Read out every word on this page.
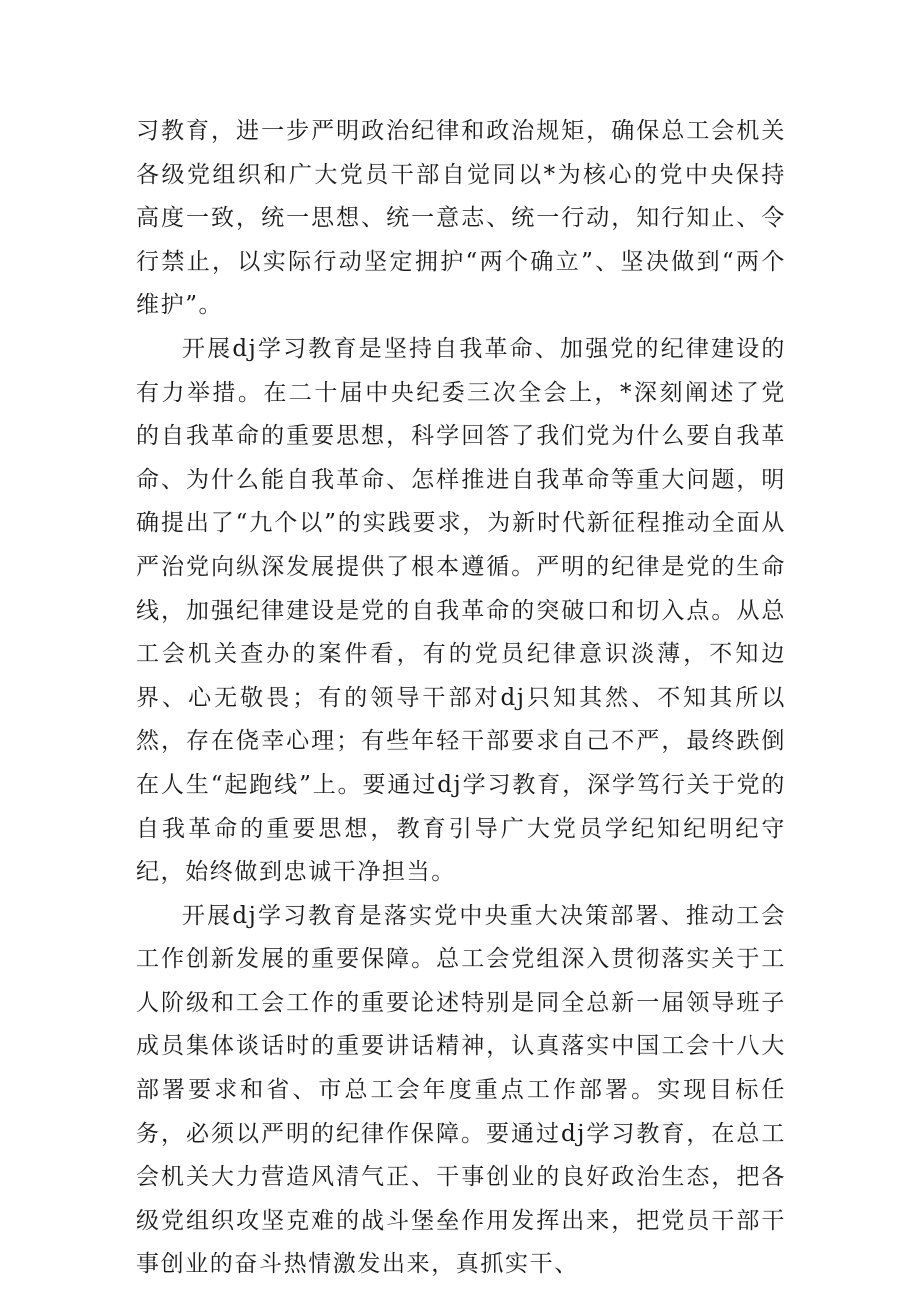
习教育，进一步严明政治纪律和政治规矩，确保总工会机关各级党组织和广大党员干部自觉同以*为核心的党中央保持高度一致，统一思想、统一意志、统一行动，知行知止、令行禁止，以实际行动坚定拥护“两个确立”、坚决做到“两个维护”。

开展dj学习教育是坚持自我革命、加强党的纪律建设的有力举措。在二十届中央纪委三次全会上，*深刻阐述了党的自我革命的重要思想，科学回答了我们党为什么要自我革命、为什么能自我革命、怎样推进自我革命等重大问题，明确提出了“九个以”的实践要求，为新时代新征程推动全面从严治党向纵深发展提供了根本遵循。严明的纪律是党的生命线，加强纪律建设是党的自我革命的突破口和切入点。从总工会机关查办的案件看，有的党员纪律意识淡薄，不知边界、心无敬畏；有的领导干部对dj只知其然、不知其所以然，存在侥幸心理；有些年轻干部要求自己不严，最终跌倒在人生“起跑线”上。要通过dj学习教育，深学笃行关于党的自我革命的重要思想，教育引导广大党员学纪知纪明纪守纪，始终做到忠诚干净担当。

开展dj学习教育是落实党中央重大决策部署、推动工会工作创新发展的重要保障。总工会党组深入贯彻落实关于工人阶级和工会工作的重要论述特别是同全总新一届领导班子成员集体谈话时的重要讲话精神，认真落实中国工会十八大部署要求和省、市总工会年度重点工作部署。实现目标任务，必须以严明的纪律作保障。要通过dj学习教育，在总工会机关大力营造风清气正、干事创业的良好政治生态，把各级党组织攻坚克难的战斗堡垒作用发挥出来，把党员干部干事创业的奋斗热情激发出来，真抓实干、
